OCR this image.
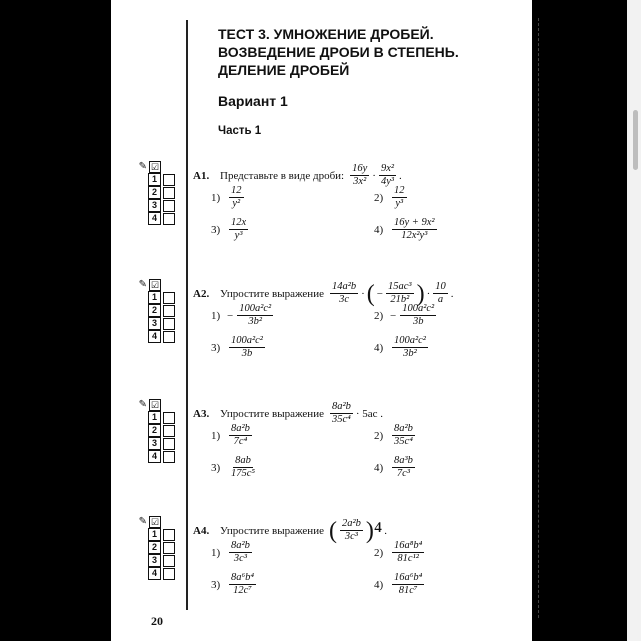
ТЕСТ 3. УМНОЖЕНИЕ ДРОБЕЙ.
ВОЗВЕДЕНИЕ ДРОБИ В СТЕПЕНЬ.
ДЕЛЕНИЕ ДРОБЕЙ
Вариант 1
Часть 1
✎ ☑
1
2
3
4
A1. Представьте в виде дроби: $\frac{16y}{\text{3x²}} \cdot \frac{\text{9x²}}{\text{4y³}}$ .
$1) \frac{12}{\text{y²}}$	$2) \frac{12}{\text{y³}}$
$3) \frac{12x}{\text{y³}}$	$4) \frac{\text{16y + 9x²}}{\text{12x²y³}}$
✎ ☑
1
2
3
4
A2. Упростите выражение $\frac{\text{14a²b}}{3c}$ · ( − $\frac{\text{15ac³}}{\text{21b²}}$ ) · $\frac{10}{a}$ .
$1) - \frac{\text{100a²c²}}{\text{3b²}}$	$2) - \frac{\text{100a²c²}}{3b}$
$3) \frac{\text{100a²c²}}{3b}$	$4) \frac{\text{100a²c²}}{\text{3b²}}$
✎ ☑
1
2
3
4
A3. Упростите выражение $\frac{\text{8a²b}}{\text{35c⁴}} \cdot 5ac$ .
$1) \frac{\text{8a²b}}{\text{7c⁴}}$	$2) \frac{\text{8a²b}}{\text{35c⁴}}$
$3) \frac{8ab}{\text{175c⁵}}$	$4) \frac{\text{8a³b}}{\text{7c³}}$
✎ ☑
1
2
3
4
A4. Упростите выражение ( $\frac{\text{2a²b}}{\text{3c³}} )^4$ .
$1) \frac{\text{8a²b}}{\text{3c³}}$	$2) \frac{\text{16a⁸b⁴}}{\text{81c¹²}}$
$3) \frac{\text{8a⁶b⁴}}{\text{12c⁷}}$	$4) \frac{\text{16a⁶b⁴}}{\text{81c⁷}}$
20
